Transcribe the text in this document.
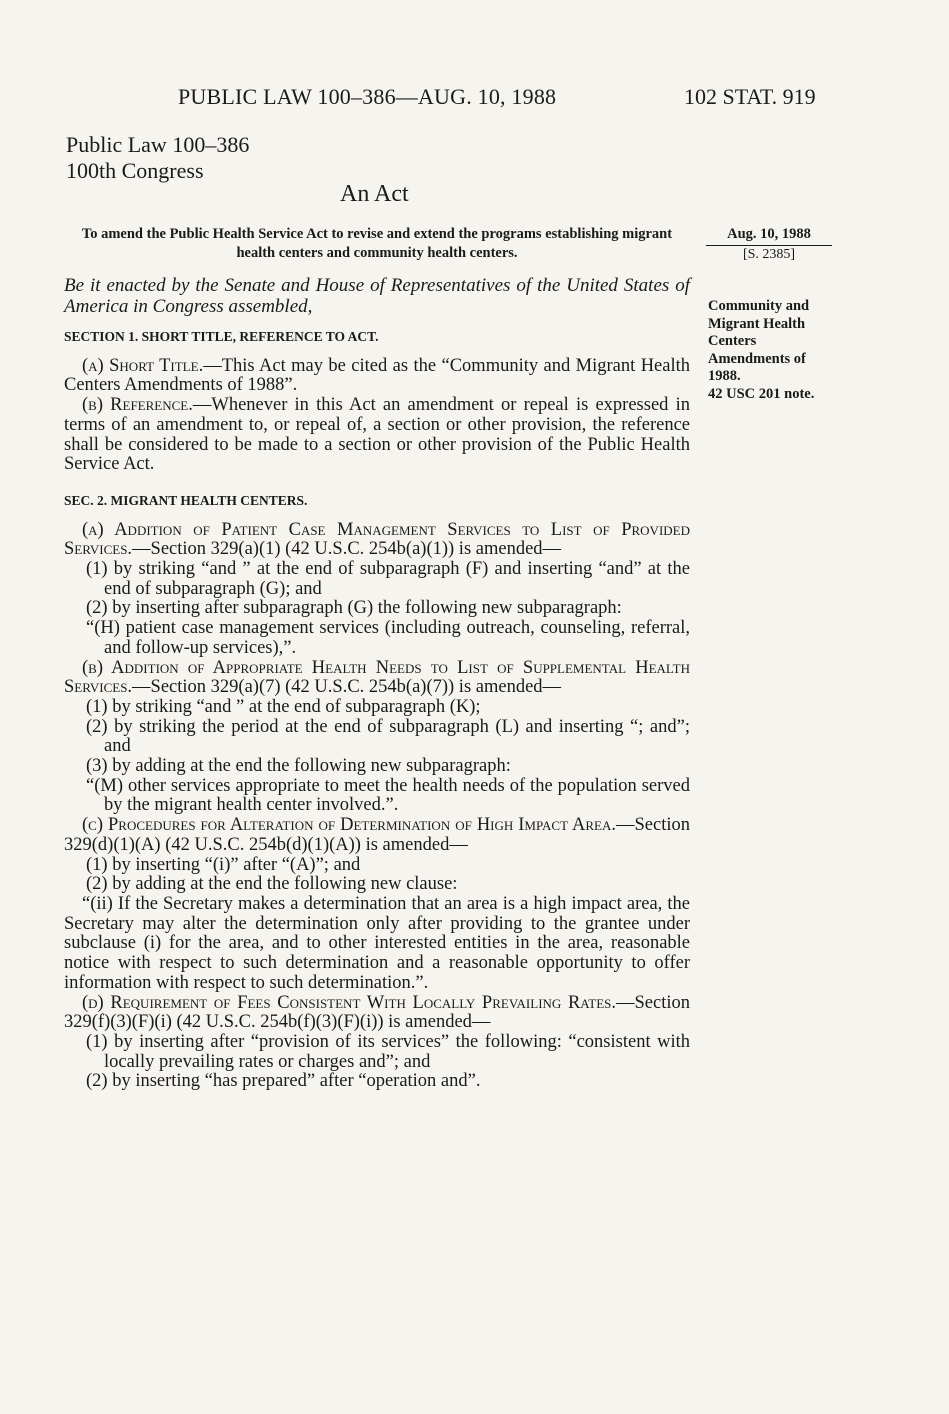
PUBLIC LAW 100–386—AUG. 10, 1988	102 STAT. 919
Public Law 100–386
100th Congress
An Act
To amend the Public Health Service Act to revise and extend the programs establishing migrant health centers and community health centers.
Aug. 10, 1988
[S. 2385]
Community and Migrant Health Centers Amendments of 1988.
42 USC 201 note.

Be it enacted by the Senate and House of Representatives of the United States of America in Congress assembled,

SECTION 1. SHORT TITLE, REFERENCE TO ACT.

(a) Short Title.—This Act may be cited as the “Community and Migrant Health Centers Amendments of 1988”.

(b) Reference.—Whenever in this Act an amendment or repeal is expressed in terms of an amendment to, or repeal of, a section or other provision, the reference shall be considered to be made to a section or other provision of the Public Health Service Act.

SEC. 2. MIGRANT HEALTH CENTERS.

(a) Addition of Patient Case Management Services to List of Provided Services.—Section 329(a)(1) (42 U.S.C. 254b(a)(1)) is amended—

(1) by striking “and ” at the end of subparagraph (F) and inserting “and” at the end of subparagraph (G); and

(2) by inserting after subparagraph (G) the following new subparagraph:

“(H) patient case management services (including outreach, counseling, referral, and follow-up services),”.

(b) Addition of Appropriate Health Needs to List of Supplemental Health Services.—Section 329(a)(7) (42 U.S.C. 254b(a)(7)) is amended—

(1) by striking “and ” at the end of subparagraph (K);

(2) by striking the period at the end of subparagraph (L) and inserting “; and”; and

(3) by adding at the end the following new subparagraph:

“(M) other services appropriate to meet the health needs of the population served by the migrant health center involved.”.

(c) Procedures for Alteration of Determination of High Impact Area.—Section 329(d)(1)(A) (42 U.S.C. 254b(d)(1)(A)) is amended—

(1) by inserting “(i)” after “(A)”; and

(2) by adding at the end the following new clause:

“(ii) If the Secretary makes a determination that an area is a high impact area, the Secretary may alter the determination only after providing to the grantee under subclause (i) for the area, and to other interested entities in the area, reasonable notice with respect to such determination and a reasonable opportunity to offer information with respect to such determination.”.

(d) Requirement of Fees Consistent With Locally Prevailing Rates.—Section 329(f)(3)(F)(i) (42 U.S.C. 254b(f)(3)(F)(i)) is amended—

(1) by inserting after “provision of its services” the following: “consistent with locally prevailing rates or charges and”; and

(2) by inserting “has prepared” after “operation and”.
